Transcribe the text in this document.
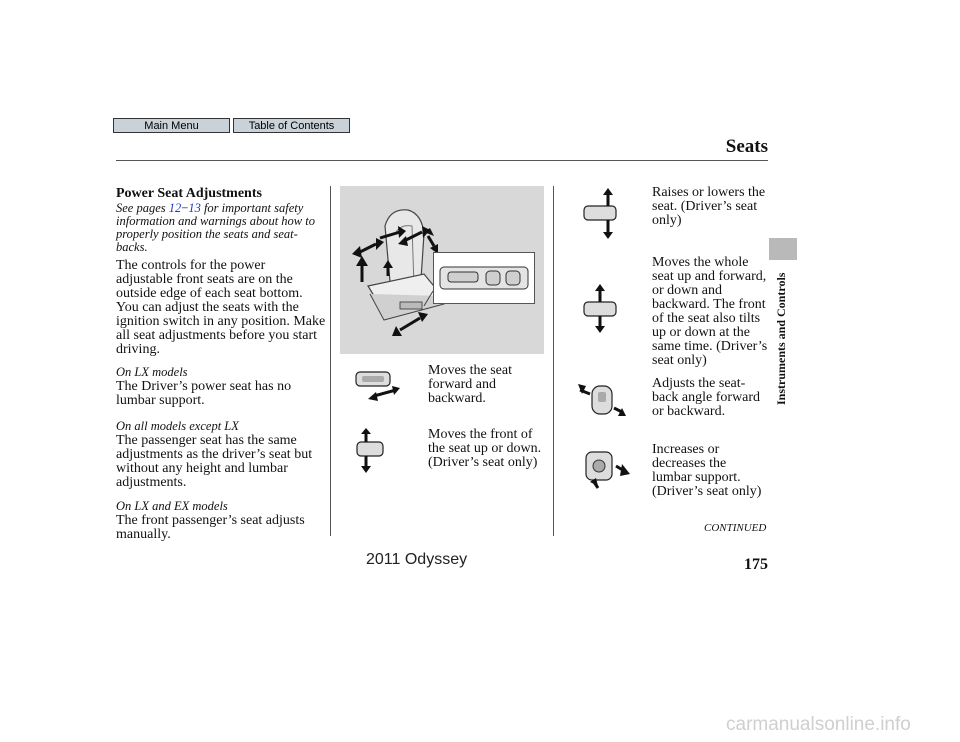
Main Menu	Table of Contents
Seats
Instruments and Controls
Power Seat Adjustments
See pages 12−13 for important safety
information and warnings about how to
properly position the seats and seat-
backs.
The controls for the power
adjustable front seats are on the
outside edge of each seat bottom.
You can adjust the seats with the
ignition switch in any position. Make
all seat adjustments before you start
driving.
On LX models
The Driver’s power seat has no
lumbar support.
On all models except LX
The passenger seat has the same
adjustments as the driver’s seat but
without any height and lumbar
adjustments.
On LX and EX models
The front passenger’s seat adjusts
manually.
Moves the seat
forward and
backward.
Moves the front of
the seat up or down.
(Driver’s seat only)
Raises or lowers the
seat. (Driver’s seat
only)
Moves the whole
seat up and forward,
or down and
backward. The front
of the seat also tilts
up or down at the
same time. (Driver’s
seat only)
Adjusts the seat-
back angle forward
or backward.
Increases or
decreases the
lumbar support.
(Driver’s seat only)
CONTINUED
175
2011 Odyssey
carmanualsonline.info
